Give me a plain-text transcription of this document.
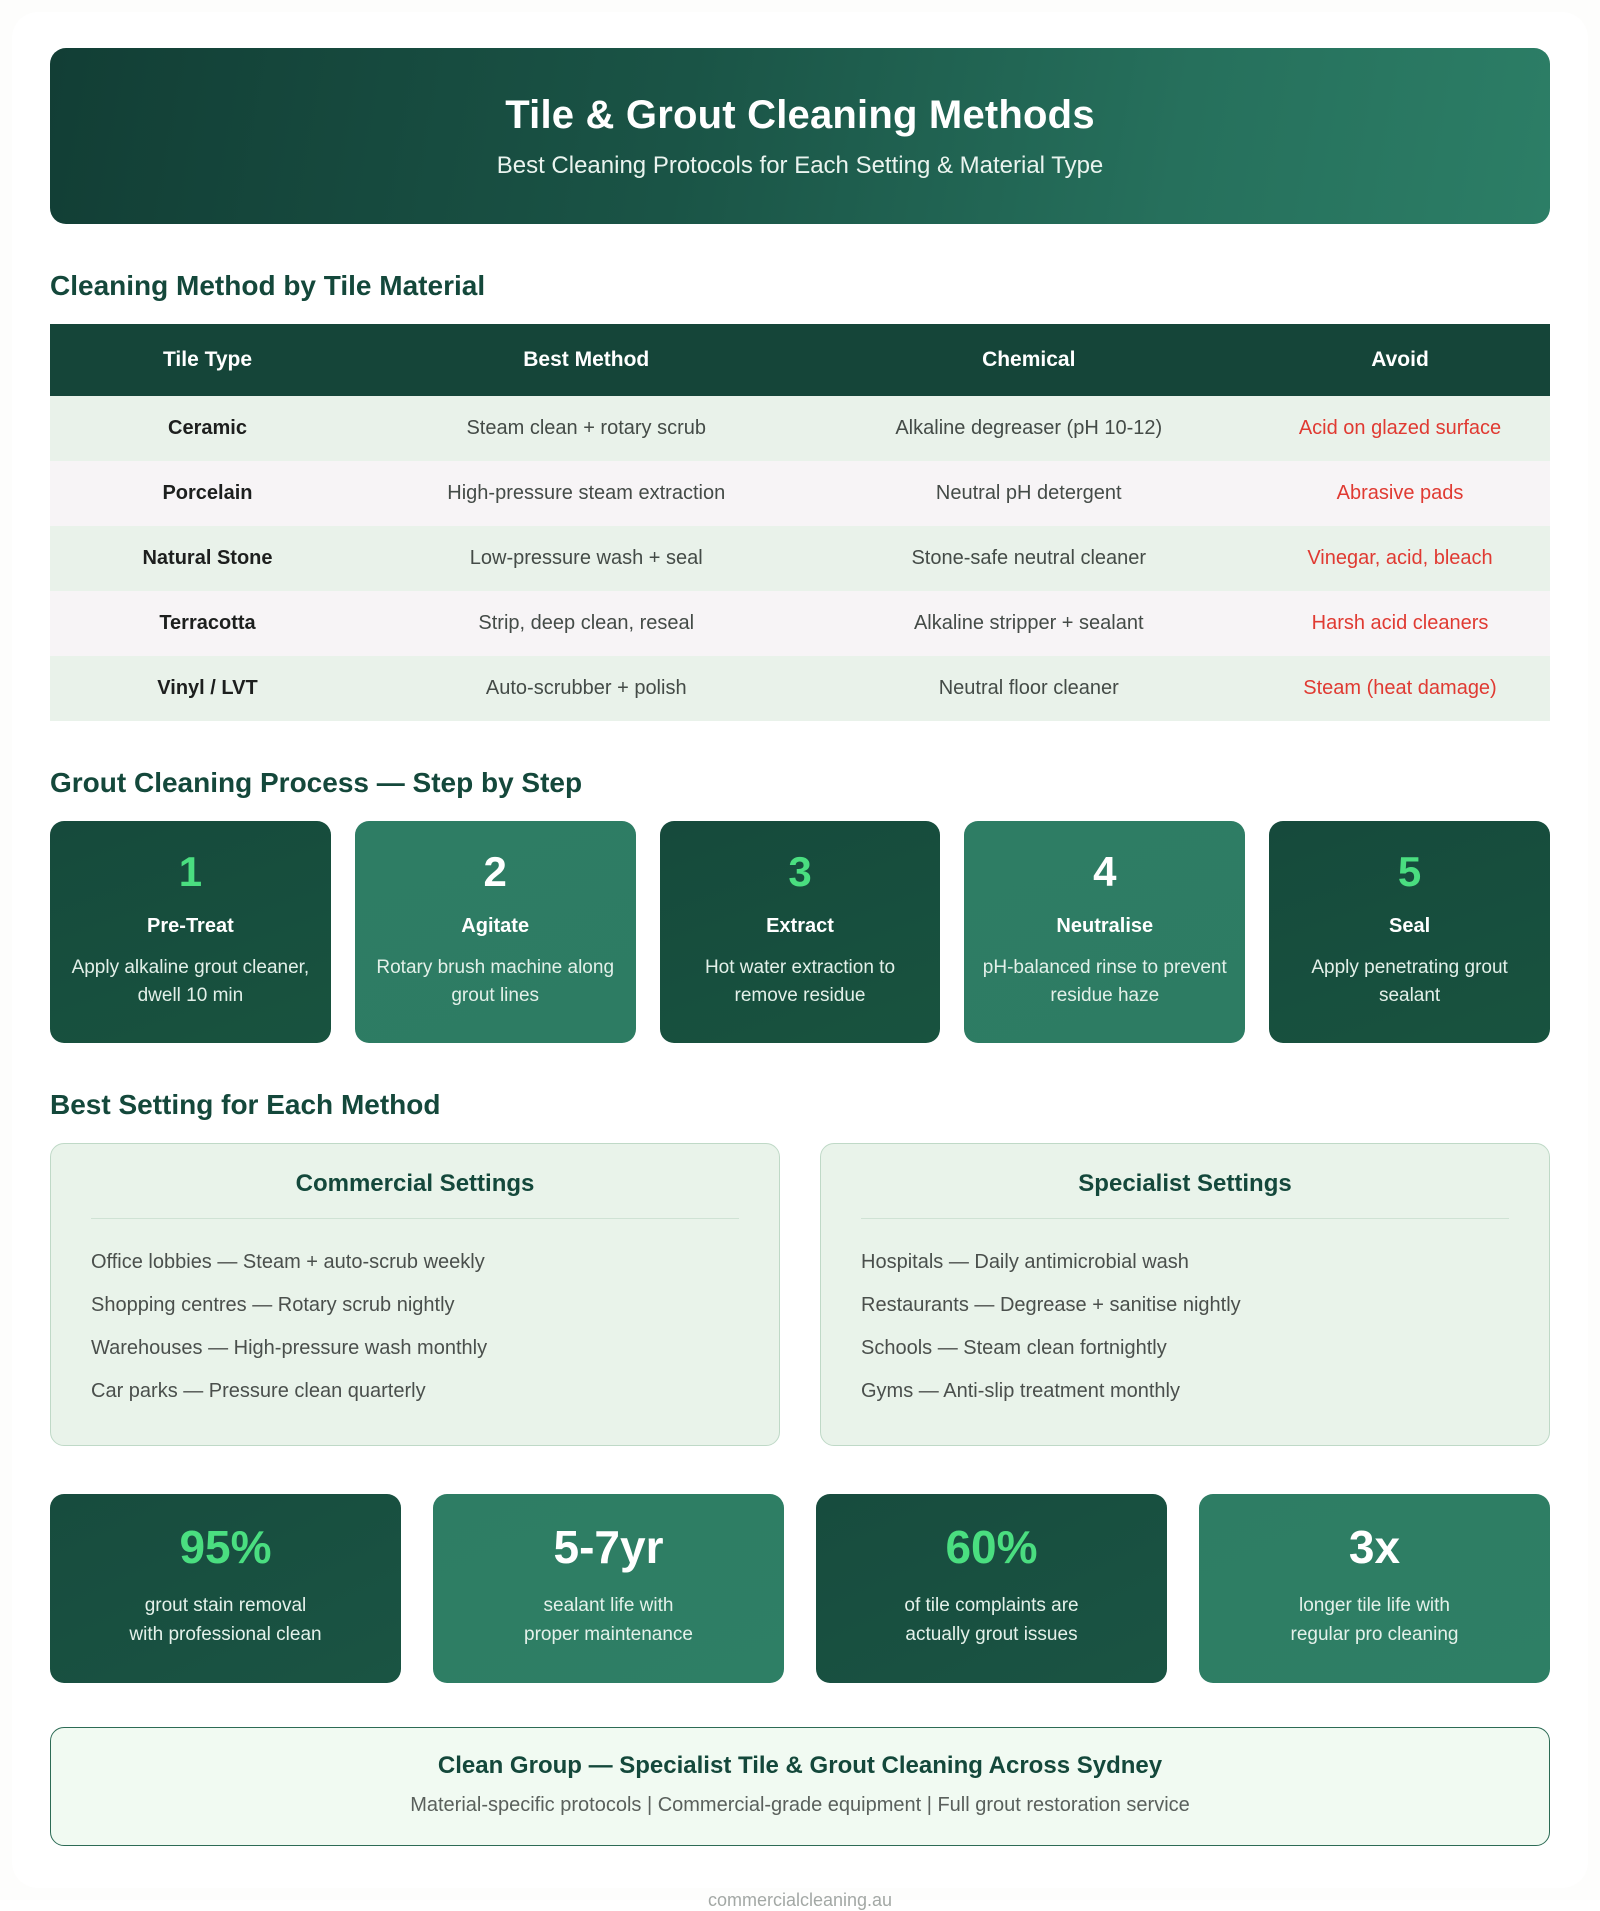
Tile & Grout Cleaning Methods
Best Cleaning Protocols for Each Setting & Material Type
Cleaning Method by Tile Material
Tile Type	Best Method	Chemical	Avoid
Ceramic	Steam clean + rotary scrub	Alkaline degreaser (pH 10-12)	Acid on glazed surface
Porcelain	High-pressure steam extraction	Neutral pH detergent	Abrasive pads
Natural Stone	Low-pressure wash + seal	Stone-safe neutral cleaner	Vinegar, acid, bleach
Terracotta	Strip, deep clean, reseal	Alkaline stripper + sealant	Harsh acid cleaners
Vinyl / LVT	Auto-scrubber + polish	Neutral floor cleaner	Steam (heat damage)
Grout Cleaning Process — Step by Step
1
Pre-Treat
Apply alkaline grout cleaner, dwell 10 min
2
Agitate
Rotary brush machine along grout lines
3
Extract
Hot water extraction to remove residue
4
Neutralise
pH-balanced rinse to prevent residue haze
5
Seal
Apply penetrating grout sealant
Best Setting for Each Method
Commercial Settings
Office lobbies — Steam + auto-scrub weekly
Shopping centres — Rotary scrub nightly
Warehouses — High-pressure wash monthly
Car parks — Pressure clean quarterly
Specialist Settings
Hospitals — Daily antimicrobial wash
Restaurants — Degrease + sanitise nightly
Schools — Steam clean fortnightly
Gyms — Anti-slip treatment monthly
95%
grout stain removal
with professional clean
5-7yr
sealant life with
proper maintenance
60%
of tile complaints are
actually grout issues
3x
longer tile life with
regular pro cleaning
Clean Group — Specialist Tile & Grout Cleaning Across Sydney
Material-specific protocols | Commercial-grade equipment | Full grout restoration service
commercialcleaning.au
